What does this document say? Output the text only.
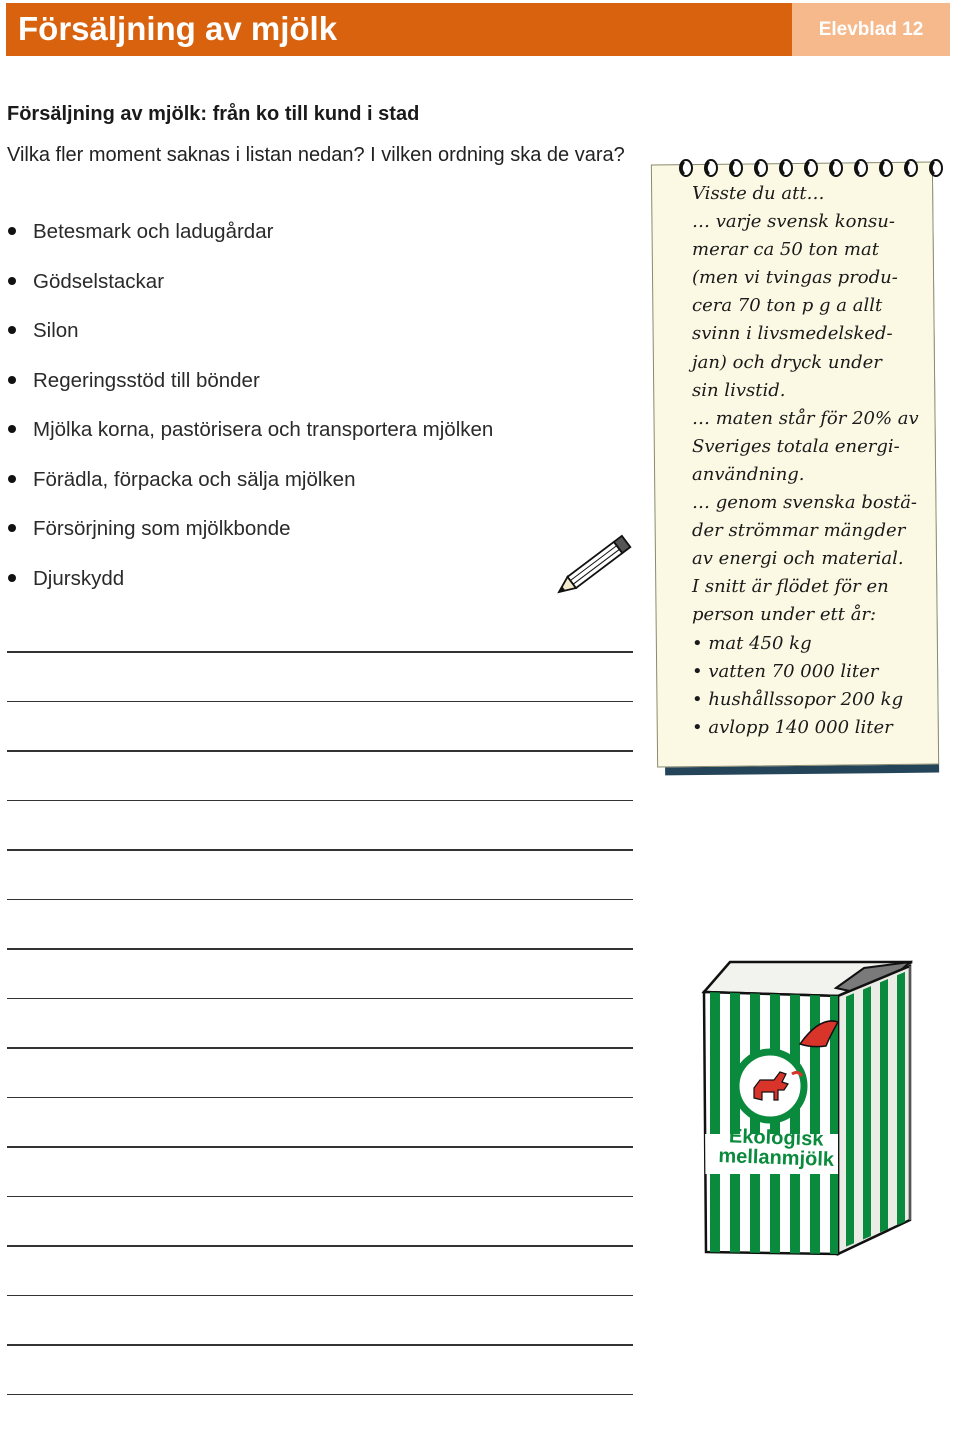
Försäljning av mjölk	Elevblad 12
Försäljning av mjölk: från ko till kund i stad
Vilka fler moment saknas i listan nedan? I vilken ordning ska de vara?
Betesmark och ladugårdar
Gödselstackar
Silon
Regeringsstöd till bönder
Mjölka korna, pastörisera och transportera mjölken
Förädla, förpacka och sälja mjölken
Försörjning som mjölkbonde
Djurskydd
Visste du att…
… varje svensk konsu-
merar ca 50 ton mat
(men vi tvingas produ-
cera 70 ton p g a allt
svinn i livsmedelsked-
jan) och dryck under
sin livstid.
… maten står för 20% av
Sveriges totala energi-
användning.
… genom svenska bostä-
der strömmar mängder
av energi och material.
I snitt är flödet för en
person under ett år:
• mat 450 kg
• vatten 70 000 liter
• hushållssopor 200 kg
• avlopp 140 000 liter
Ekologisk
mellanmjölk
